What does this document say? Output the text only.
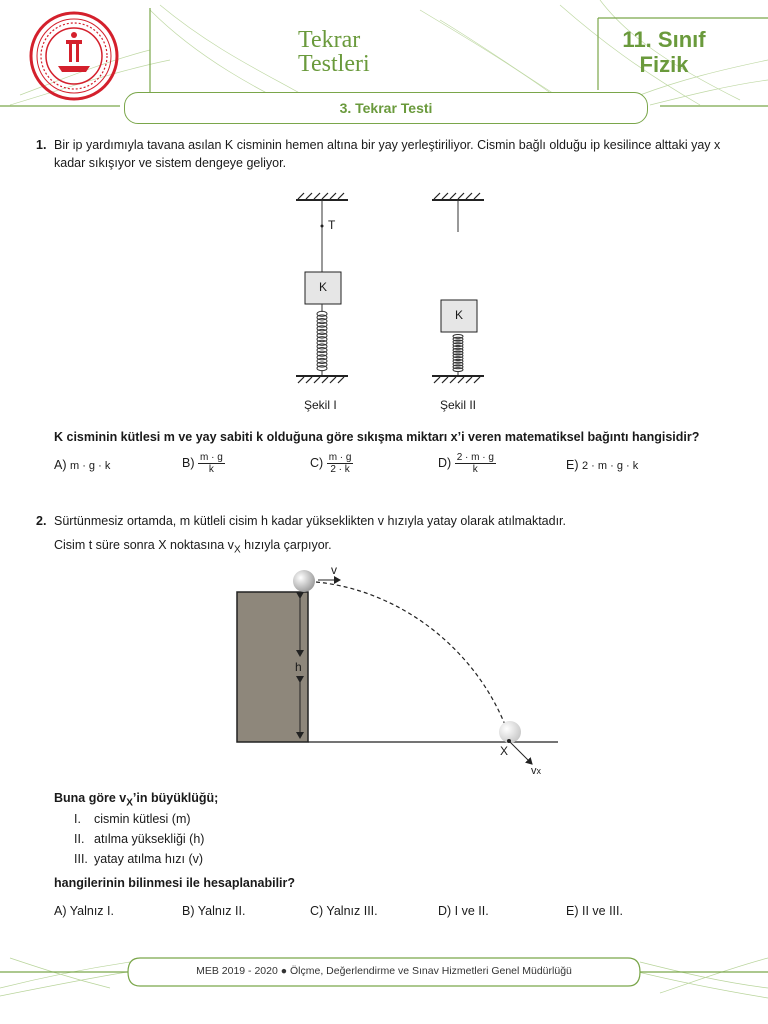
Tekrar
Testleri
11. Sınıf
Fizik
3. Tekrar Testi
1. Bir ip yardımıyla tavana asılan K cisminin hemen altına bir yay yerleştiriliyor. Cismin bağlı olduğu ip kesilince alttaki yay x kadar sıkışıyor ve sistem dengeye geliyor.
T
K
K
Şekil I	Şekil II
K cisminin kütlesi m ve yay sabiti k olduğuna göre sıkışma miktarı x’i veren matematiksel bağıntı hangisidir?
A) m · g · k	$B) \frac{m \cdot g}{k}$	$C) \frac{m \cdot g}{2 \cdot k}$	$D) \frac{2 \cdot m \cdot g}{k}$	E) 2 · m · g · k
2. Sürtünmesiz ortamda, m kütleli cisim h kadar yükseklikten v hızıyla yatay olarak atılmaktadır.
Cisim t süre sonra X noktasına $v_X$ hızıyla çarpıyor.
v
h
X
vx
Buna göre $v_X’in$ büyüklüğü;
I. cismin kütlesi (m)
II. atılma yüksekliği (h)
III. yatay atılma hızı (v)
hangilerinin bilinmesi ile hesaplanabilir?
A) Yalnız I.	B) Yalnız II.	C) Yalnız III.	D) I ve II.	E) II ve III.
MEB 2019 - 2020 ● Ölçme, Değerlendirme ve Sınav Hizmetleri Genel Müdürlüğü
